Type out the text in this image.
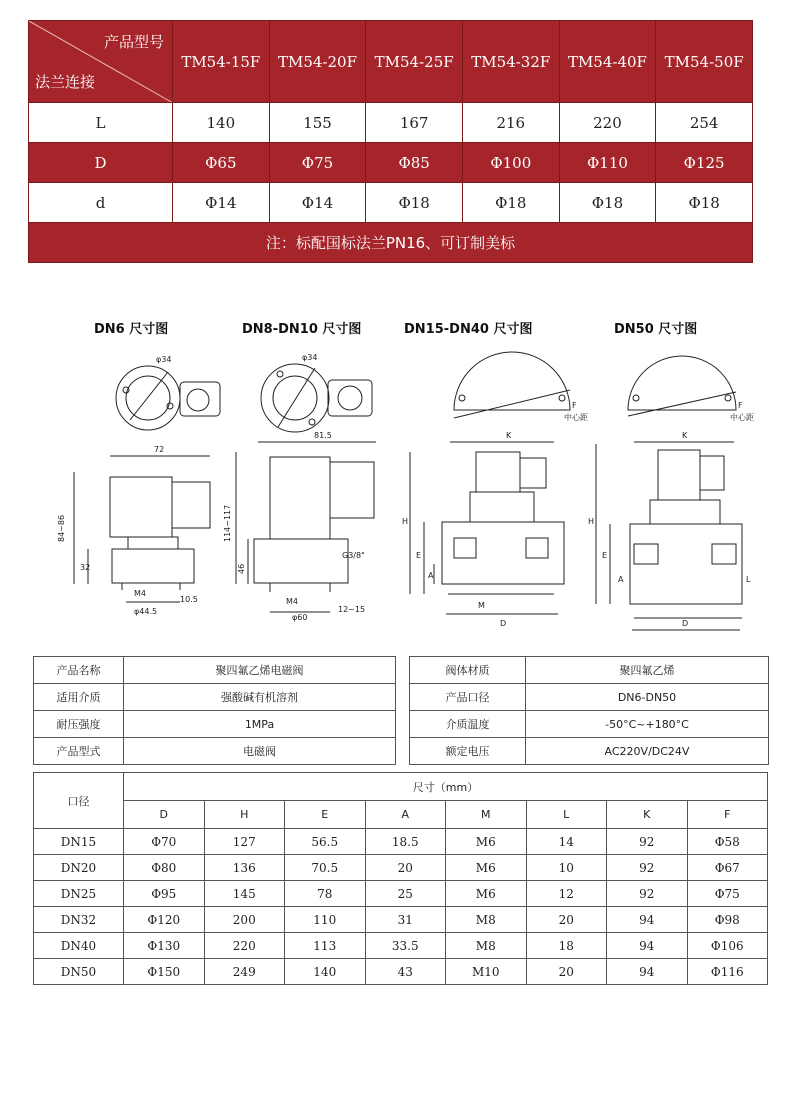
产品型号
法兰连接	TM54-15F	TM54-20F	TM54-25F	TM54-32F	TM54-40F	TM54-50F
L	140	155	167	216	220	254
D	Φ65	Φ75	Φ85	Φ100	Φ110	Φ125
d	Φ14	Φ14	Φ18	Φ18	Φ18	Φ18
注：标配国标法兰PN16、可订制美标						
DN6 尺寸图	DN8-DN10 尺寸图	DN15-DN40 尺寸图	DN50 尺寸图
φ34
72
84~86
32
M4
φ44.5
10.5
φ34
81.5
114~117
46
G3/8"
M4
φ60
12~15
F
中心距
K
H
E
A
M
D
F
中心距
K
H
E
A	L
D
产品名称	聚四氟乙烯电磁阀		阀体材质	聚四氟乙烯
适用介质	强酸碱有机溶剂		产品口径	DN6-DN50
耐压强度	1MPa		介质温度	-50°C~+180°C
产品型式	电磁阀		额定电压	AC220V/DC24V
口径	尺寸（mm）							
	D	H	E	A	M	L	K	F
DN15	Φ70	127	56.5	18.5	M6	14	92	Φ58
DN20	Φ80	136	70.5	20	M6	10	92	Φ67
DN25	Φ95	145	78	25	M6	12	92	Φ75
DN32	Φ120	200	110	31	M8	20	94	Φ98
DN40	Φ130	220	113	33.5	M8	18	94	Φ106
DN50	Φ150	249	140	43	M10	20	94	Φ116
